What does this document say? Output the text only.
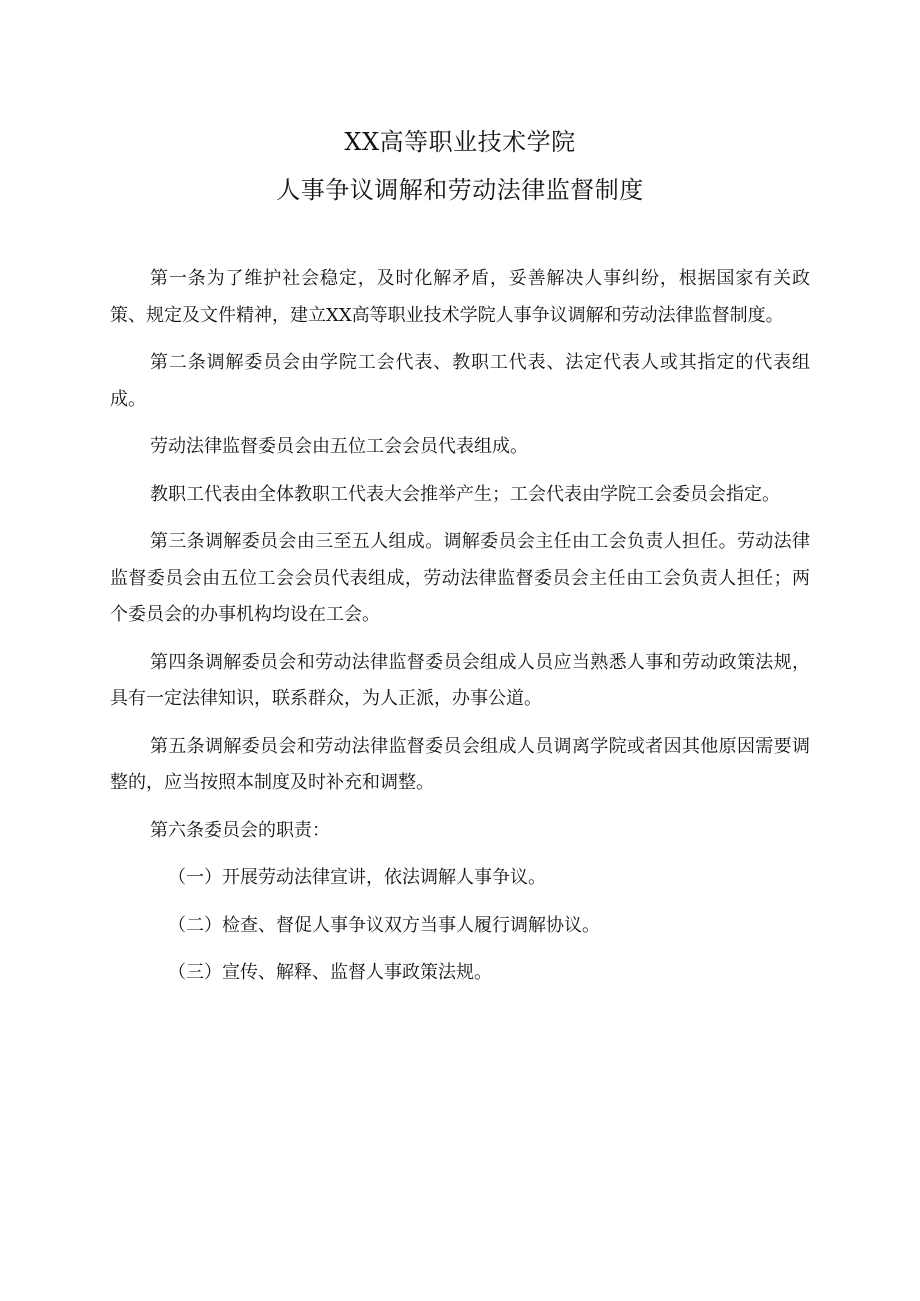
XX高等职业技术学院
人事争议调解和劳动法律监督制度

第一条为了维护社会稳定，及时化解矛盾，妥善解决人事纠纷，根据国家有关政策、规定及文件精神，建立XX高等职业技术学院人事争议调解和劳动法律监督制度。

第二条调解委员会由学院工会代表、教职工代表、法定代表人或其指定的代表组成。

劳动法律监督委员会由五位工会会员代表组成。

教职工代表由全体教职工代表大会推举产生；工会代表由学院工会委员会指定。

第三条调解委员会由三至五人组成。调解委员会主任由工会负责人担任。劳动法律监督委员会由五位工会会员代表组成，劳动法律监督委员会主任由工会负责人担任；两个委员会的办事机构均设在工会。

第四条调解委员会和劳动法律监督委员会组成人员应当熟悉人事和劳动政策法规，具有一定法律知识，联系群众，为人正派，办事公道。

第五条调解委员会和劳动法律监督委员会组成人员调离学院或者因其他原因需要调整的，应当按照本制度及时补充和调整。

第六条委员会的职责：

（一）开展劳动法律宣讲，依法调解人事争议。

（二）检查、督促人事争议双方当事人履行调解协议。

（三）宣传、解释、监督人事政策法规。
